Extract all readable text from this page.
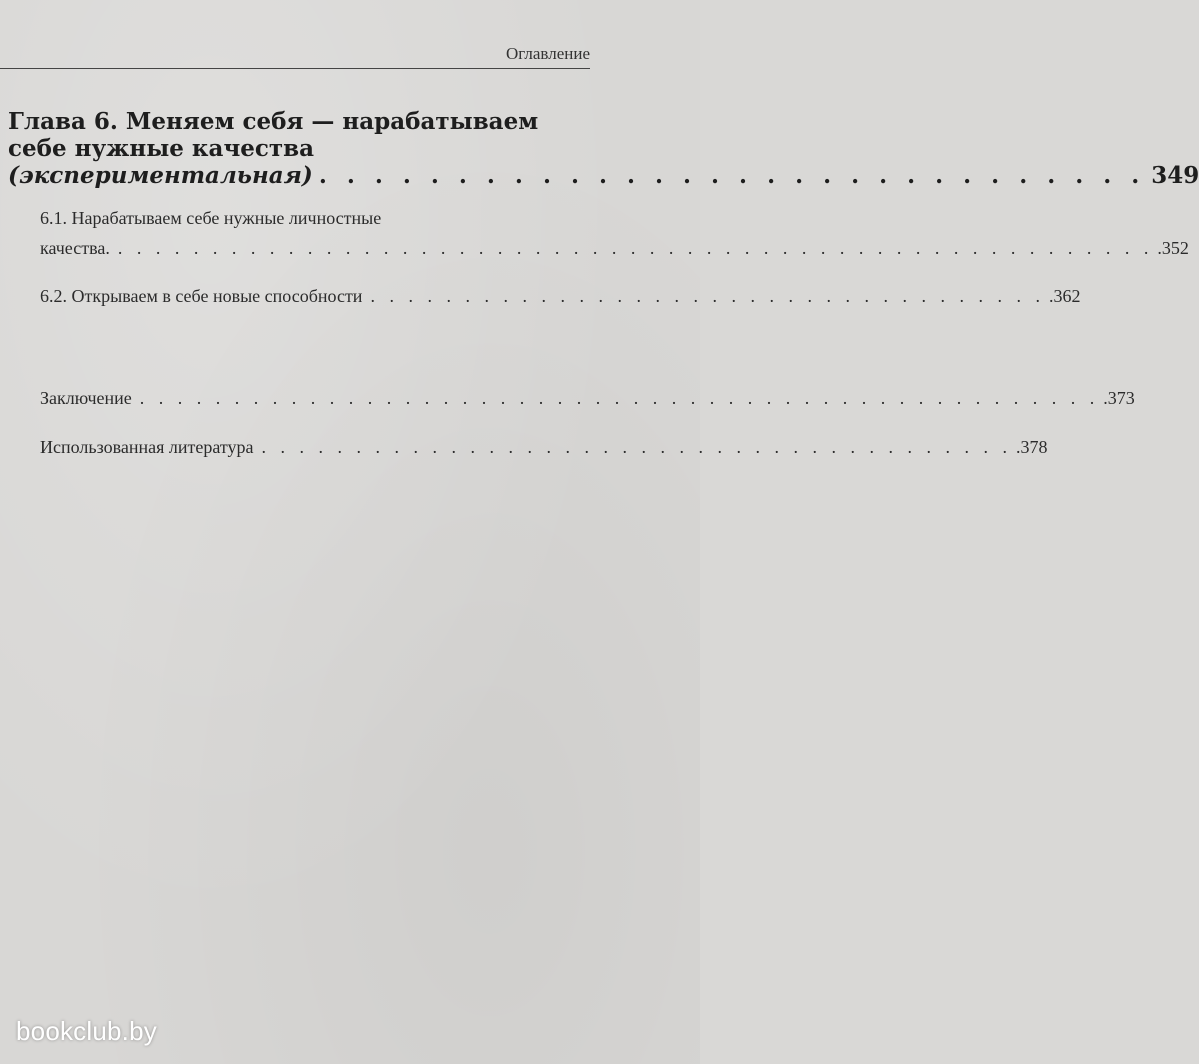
Оглавление
Глава 6. Меняем себя — нарабатываем
себе нужные качества
(экспериментальная) . . . . . . . . . . . . . . . . . . . . . . . . . . . . . . 349
6.1. Нарабатываем себе нужные личностные
качества. . . . . . . . . . . . . . . . . . . . . . . . . . . . . . . . . . . . . . . . . . . . . . . . . . . . . . . . .352
6.2. Открываем в себе новые способности . . . . . . . . . . . . . . . . . . . . . . . . . . . . . . . . . . . . .362
Заключение . . . . . . . . . . . . . . . . . . . . . . . . . . . . . . . . . . . . . . . . . . . . . . . . . . . .373
Использованная литература . . . . . . . . . . . . . . . . . . . . . . . . . . . . . . . . . . . . . . . . .378
bookclub.by
